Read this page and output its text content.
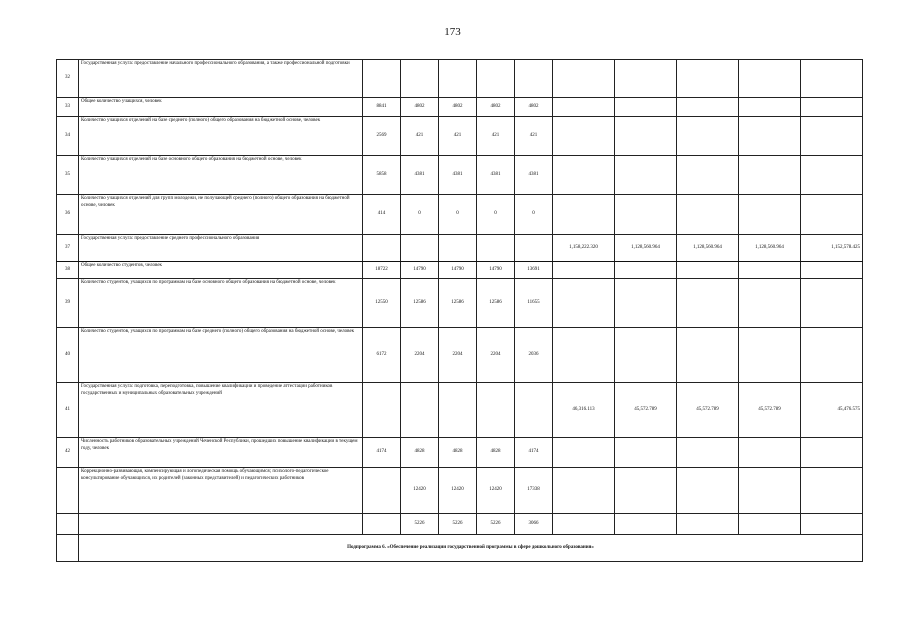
173
32	Государственная услуга: предоставление начального профессионального образования, а также профессиональной подготовки										
33	Общее количество учащихся, человек	8841	4802	4802	4802	4802					
34	Количество учащихся отделений на базе среднего (полного) общего образования на бюджетной основе, человек	2569	421	421	421	421					
35	Количество учащихся отделений на базе основного общего образования на бюджетной основе, человек	5858	4381	4381	4381	4381					
36	Количество учащихся отделений для групп молодежи, не получающей среднего (полного) общего образования на бюджетной основе, человек	414	0	0	0	0					
37	Государственная услуга: предоставление среднего профессионального образования						1,158,222.320	1,128,560.964	1,128,560.964	1,128,560.964	1,152,578.425
38	Общее количество студентов, человек	18722	14790	14790	14790	13691					
39	Количество студентов, учащихся по программам на базе основного общего образования на бюджетной основе, человек	12550	12586	12586	12586	11655					
40	Количество студентов, учащихся по программам на базе среднего (полного) общего образования на бюджетной основе, человек	6172	2204	2204	2204	2036					
41	Государственная услуга: подготовка, переподготовка, повышение квалификации и проведение аттестации работников государственных и муниципальных образовательных учреждений						46,316.113	45,572.789	45,572.789	45,572.789	45,476.575
42	Численность работников образовательных учреждений Чеченской Республики, прошедших повышение квалификации в текущем году, человек	4174	4828	4828	4828	4174					
	Коррекционно-развивающая, компенсирующая и логопедическая помощь обучающимся; психолого-педагогическое консультирование обучающихся, их родителей (законных представителей) и педагогических работников		12420	12420	12420	17338					
			5226	5226	5226	3066					
	Подпрограмма 6. «Обеспечение реализации государственной программы в сфере дошкольного образования»										
